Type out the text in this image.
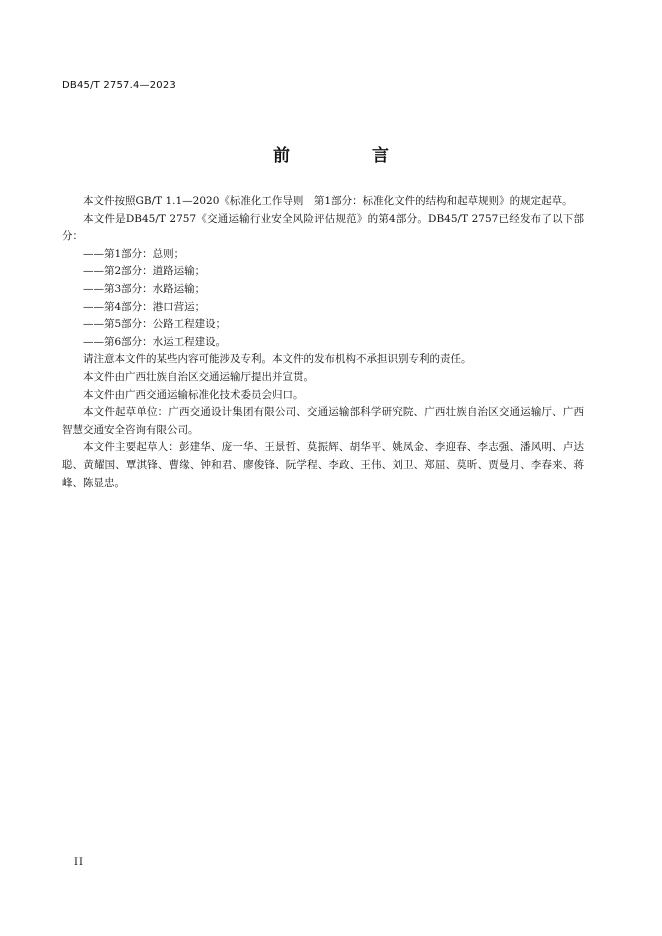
DB45/T 2757.4—2023
前 言

本文件按照GB/T 1.1—2020《标准化工作导则　第1部分：标准化文件的结构和起草规则》的规定起草。

本文件是DB45/T 2757《交通运输行业安全风险评估规范》的第4部分。DB45/T 2757已经发布了以下部分：

——第1部分：总则；
——第2部分：道路运输；
——第3部分：水路运输；
——第4部分：港口营运；
——第5部分：公路工程建设；
——第6部分：水运工程建设。

请注意本文件的某些内容可能涉及专利。本文件的发布机构不承担识别专利的责任。

本文件由广西壮族自治区交通运输厅提出并宣贯。

本文件由广西交通运输标准化技术委员会归口。

本文件起草单位：广西交通设计集团有限公司、交通运输部科学研究院、广西壮族自治区交通运输厅、广西智慧交通安全咨询有限公司。

本文件主要起草人：彭建华、庞一华、王景哲、莫振辉、胡华平、姚凤金、李迎春、李志强、潘风明、卢达聪、黄耀国、覃淇锋、曹缘、钟和君、廖俊锋、阮学程、李政、王伟、刘卫、郑屈、莫昕、贾曼月、李春来、蒋峰、陈显忠。

II
